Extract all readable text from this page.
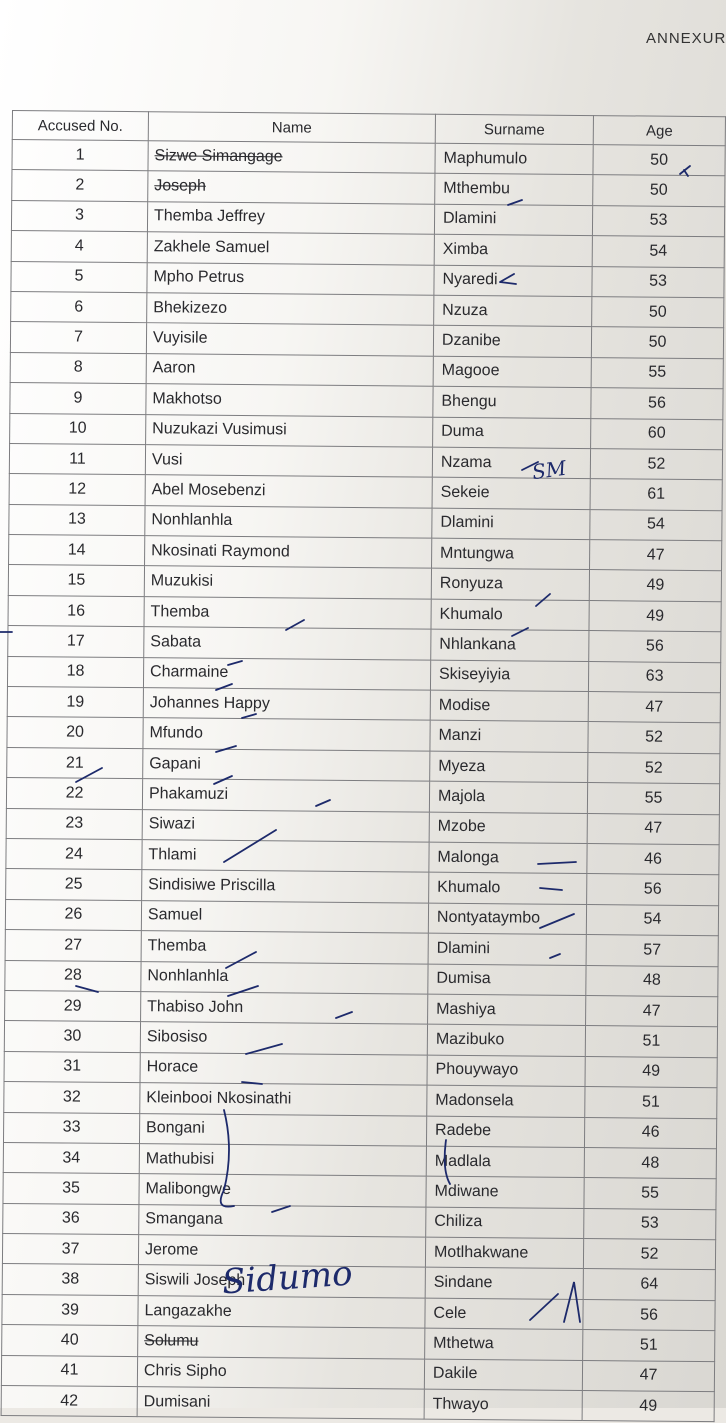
ANNEXUR
Accused No.	Name	Surname	Age
1	Sizwe Simangage	Maphumulo	50
2	Joseph	Mthembu	50
3	Themba Jeffrey	Dlamini	53
4	Zakhele Samuel	Ximba	54
5	Mpho Petrus	Nyaredi	53
6	Bhekizezo	Nzuza	50
7	Vuyisile	Dzanibe	50
8	Aaron	Magooe	55
9	Makhotso	Bhengu	56
10	Nuzukazi Vusimusi	Duma	60
11	Vusi	Nzama	52
12	Abel Mosebenzi	Sekeie	61
13	Nonhlanhla	Dlamini	54
14	Nkosinati Raymond	Mntungwa	47
15	Muzukisi	Ronyuza	49
16	Themba	Khumalo	49
17	Sabata	Nhlankana	56
18	Charmaine	Skiseyiyia	63
19	Johannes Happy	Modise	47
20	Mfundo	Manzi	52
21	Gapani	Myeza	52
22	Phakamuzi	Majola	55
23	Siwazi	Mzobe	47
24	Thlami	Malonga	46
25	Sindisiwe Priscilla	Khumalo	56
26	Samuel	Nontyataymbo	54
27	Themba	Dlamini	57
28	Nonhlanhla	Dumisa	48
29	Thabiso John	Mashiya	47
30	Sibosiso	Mazibuko	51
31	Horace	Phouywayo	49
32	Kleinbooi Nkosinathi	Madonsela	51
33	Bongani	Radebe	46
34	Mathubisi	Madlala	48
35	Malibongwe	Mdiwane	55
36	Smangana	Chiliza	53
37	Jerome	Motlhakwane	52
38	Siswili Joseph	Sindane	64
39	Langazakhe	Cele	56
40	Solumu	Mthetwa	51
41	Chris Sipho	Dakile	47
42	Dumisani	Thwayo	49
Sidumo
SM
